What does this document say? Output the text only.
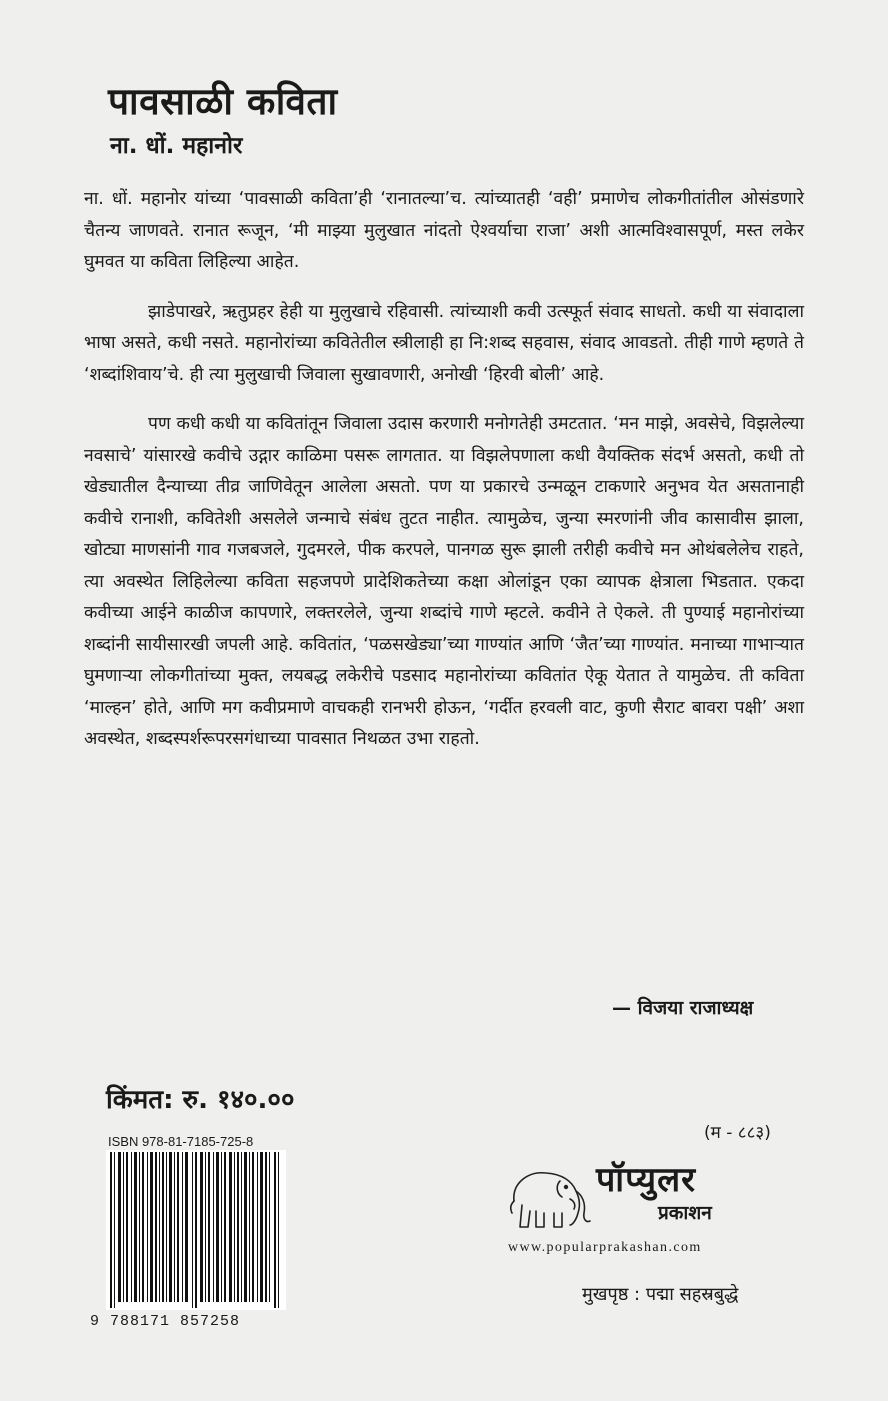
पावसाळी कविता
ना. धों. महानोर

ना. धों. महानोर यांच्या ‘पावसाळी कविता’ही ‘रानातल्या’च. त्यांच्यातही ‘वही’ प्रमाणेच लोकगीतांतील ओसंडणारे चैतन्य जाणवते. रानात रूजून, ‘मी माझ्या मुलुखात नांदतो ऐश्वर्याचा राजा’ अशी आत्मविश्वासपूर्ण, मस्त लकेर घुमवत या कविता लिहिल्या आहेत.

झाडेपाखरे, ऋतुप्रहर हेही या मुलुखाचे रहिवासी. त्यांच्याशी कवी उत्स्फूर्त संवाद साधतो. कधी या संवादाला भाषा असते, कधी नसते. महानोरांच्या कवितेतील स्त्रीलाही हा नि:शब्द सहवास, संवाद आवडतो. तीही गाणे म्हणते ते ‘शब्दांशिवाय’चे. ही त्या मुलुखाची जिवाला सुखावणारी, अनोखी ‘हिरवी बोली’ आहे.

पण कधी कधी या कवितांतून जिवाला उदास करणारी मनोगतेही उमटतात. ‘मन माझे, अवसेचे, विझलेल्या नवसाचे’ यांसारखे कवीचे उद्गार काळिमा पसरू लागतात. या विझलेपणाला कधी वैयक्तिक संदर्भ असतो, कधी तो खेड्यातील दैन्याच्या तीव्र जाणिवेतून आलेला असतो. पण या प्रकारचे उन्मळून टाकणारे अनुभव येत असतानाही कवीचे रानाशी, कवितेशी असलेले जन्माचे संबंध तुटत नाहीत. त्यामुळेच, जुन्या स्मरणांनी जीव कासावीस झाला, खोट्या माणसांनी गाव गजबजले, गुदमरले, पीक करपले, पानगळ सुरू झाली तरीही कवीचे मन ओथंबलेलेच राहते, त्या अवस्थेत लिहिलेल्या कविता सहजपणे प्रादेशिकतेच्या कक्षा ओलांडून एका व्यापक क्षेत्राला भिडतात. एकदा कवीच्या आईने काळीज कापणारे, लक्तरलेले, जुन्या शब्दांचे गाणे म्हटले. कवीने ते ऐकले. ती पुण्याई महानोरांच्या शब्दांनी सायीसारखी जपली आहे. कवितांत, ‘पळसखेड्या’च्या गाण्यांत आणि ‘जैत’च्या गाण्यांत. मनाच्या गाभाऱ्यात घुमणाऱ्या लोकगीतांच्या मुक्त, लयबद्ध लकेरीचे पडसाद महानोरांच्या कवितांत ऐकू येतात ते यामुळेच. ती कविता ‘माल्हन’ होते, आणि मग कवीप्रमाणे वाचकही रानभरी होऊन, ‘गर्दीत हरवली वाट, कुणी सैराट बावरा पक्षी’ अशा अवस्थेत, शब्दस्पर्शरूपरसगंधाच्या पावसात निथळत उभा राहतो.

— विजया राजाध्यक्ष
किंमत: रु. १४०.००
ISBN 978-81-7185-725-8
9 788171 857258
(म - ८८३)
पॉप्युलर
प्रकाशन
www.popularprakashan.com
मुखपृष्ठ : पद्मा सहस्रबुद्धे
